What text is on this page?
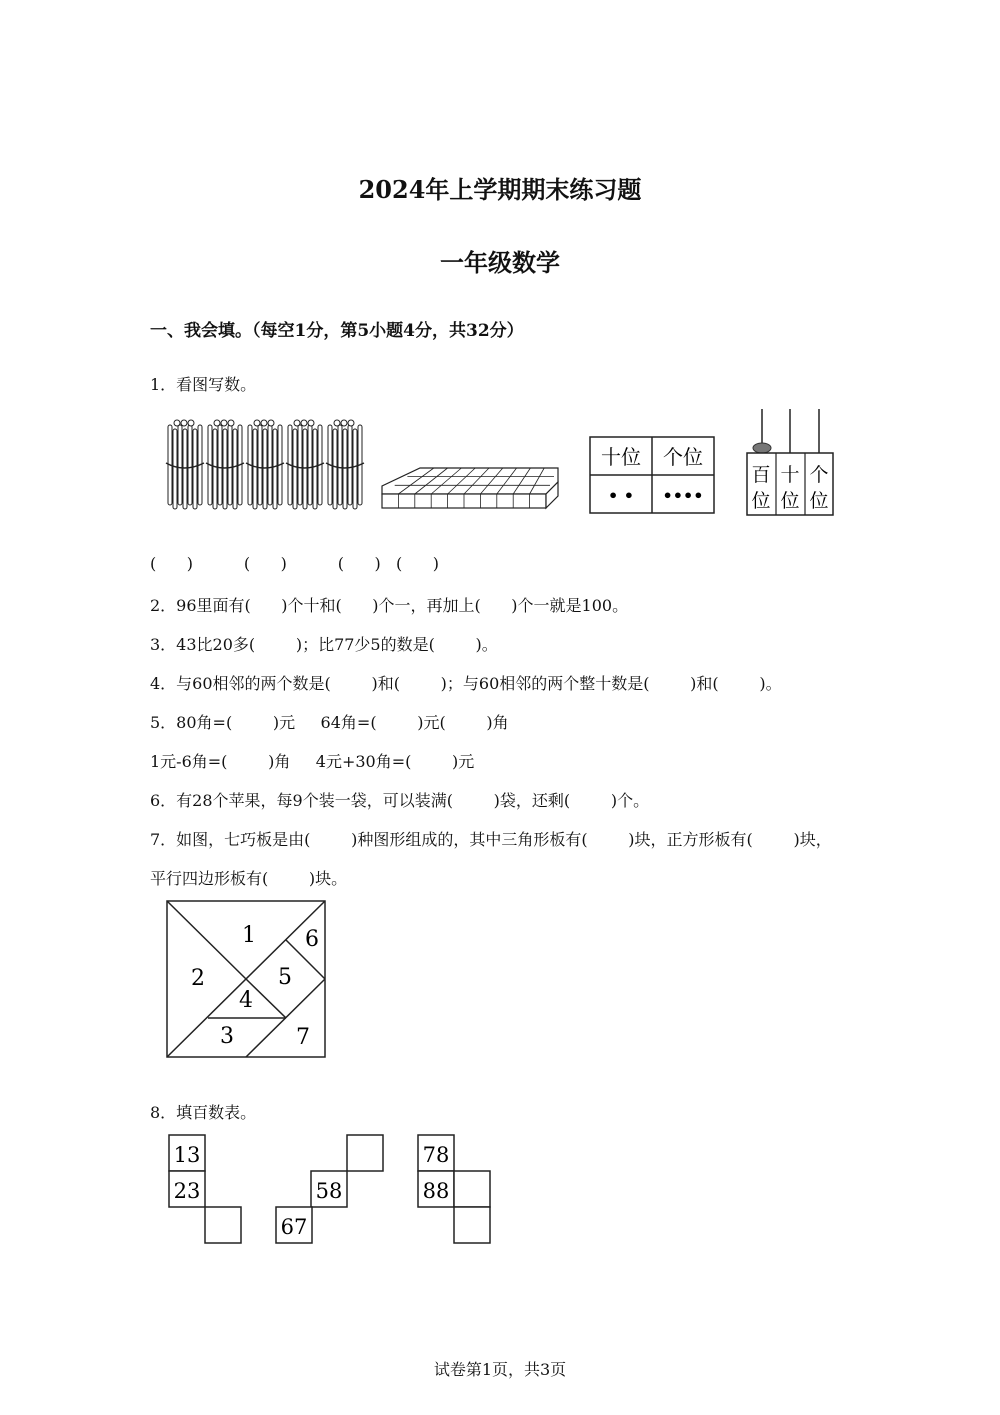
2024年上学期期末练习题
一年级数学
一、我会填。（每空1分，第5小题4分，共32分）
1．看图写数。
十位 个位
• • ••••
百
位
十
位
个
位
(      )          (      )          (      )   (      )
2．96里面有(      )个十和(      )个一，再加上(      )个一就是100。
3．43比20多(        )；比77少5的数是(        )。
4．与60相邻的两个数是(        )和(        )；与60相邻的两个整十数是(        )和(        )。
5．80角=(        )元     64角=(        )元(        )角
1元-6角=(        )角     4元+30角=(        )元
6．有28个苹果，每9个装一袋，可以装满(        )袋，还剩(        )个。
7．如图，七巧板是由(        )种图形组成的，其中三角形板有(        )块，正方形板有(        )块，
平行四边形板有(        )块。
1
2
3
4
5
6
7
8．填百数表。
13
23	58
67
78
88
试卷第1页，共3页
